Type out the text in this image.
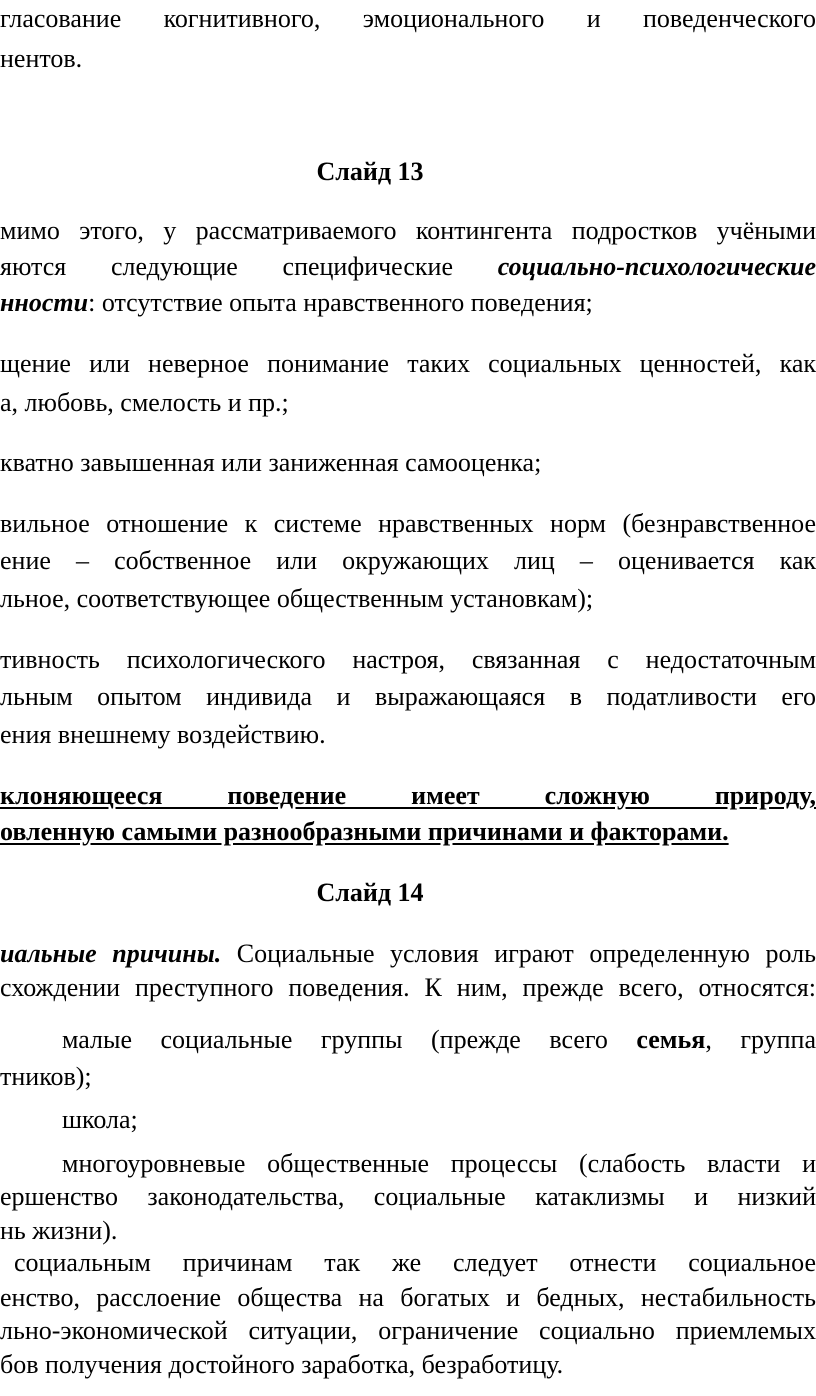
гласование когнитивного, эмоционального и поведенческого
нентов.
Слайд 13
мимо этого, у рассматриваемого контингента подростков учёными
яются следующие специфические социально-психологические
нности: отсутствие опыта нравственного поведения;
щение или неверное понимание таких социальных ценностей, как
а, любовь, смелость и пр.;
кватно завышенная или заниженная самооценка;
вильное отношение к системе нравственных норм (безнравственное
ение – собственное или окружающих лиц – оценивается как
льное, соответствующее общественным установкам);
тивность психологического настроя, связанная с недостаточным
льным опытом индивида и выражающаяся в податливости его
ения внешнему воздействию.
клоняющееся поведение имеет сложную природу,
овленную самыми разнообразными причинами и факторами.
Слайд 14
иальные причины. Социальные условия играют определенную роль
схождении преступного поведения. К ним, прежде всего, относятся:
малые социальные группы (прежде всего семья, группа
тников);
школа;
многоуровневые общественные процессы (слабость власти и
ершенство законодательства, социальные катаклизмы и низкий
нь жизни).
социальным причинам так же следует отнести социальное
енство, расслоение общества на богатых и бедных, нестабильность
льно-экономической ситуации, ограничение социально приемлемых
бов получения достойного заработка, безработицу.
